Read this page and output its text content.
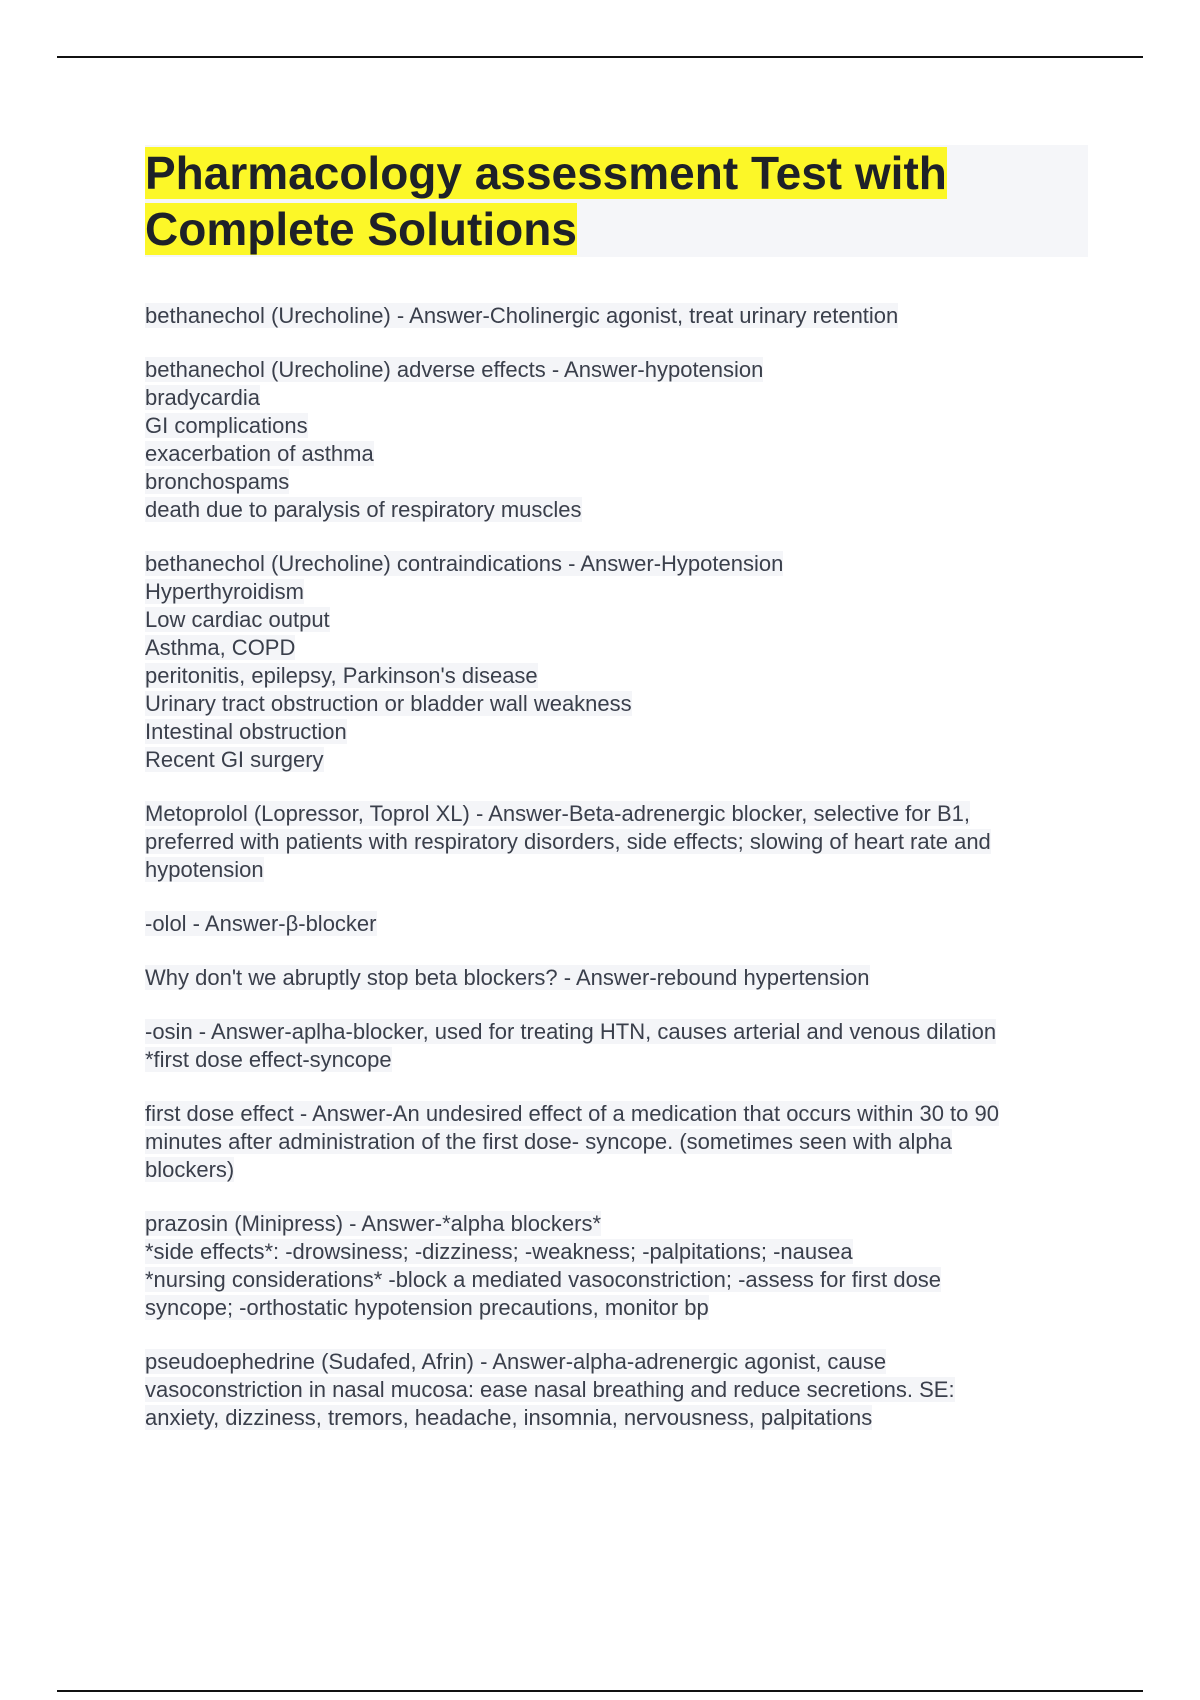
Pharmacology assessment Test with
Complete Solutions
bethanechol (Urecholine) - Answer-Cholinergic agonist, treat urinary retention
bethanechol (Urecholine) adverse effects - Answer-hypotension
bradycardia
GI complications
exacerbation of asthma
bronchospams
death due to paralysis of respiratory muscles
bethanechol (Urecholine) contraindications - Answer-Hypotension
Hyperthyroidism
Low cardiac output
Asthma, COPD
peritonitis, epilepsy, Parkinson's disease
Urinary tract obstruction or bladder wall weakness
Intestinal obstruction
Recent GI surgery
Metoprolol (Lopressor, Toprol XL) - Answer-Beta-adrenergic blocker, selective for B1,
preferred with patients with respiratory disorders, side effects; slowing of heart rate and
hypotension
-olol - Answer-β-blocker
Why don't we abruptly stop beta blockers? - Answer-rebound hypertension
-osin - Answer-aplha-blocker, used for treating HTN, causes arterial and venous dilation
*first dose effect-syncope
first dose effect - Answer-An undesired effect of a medication that occurs within 30 to 90
minutes after administration of the first dose- syncope. (sometimes seen with alpha
blockers)
prazosin (Minipress) - Answer-*alpha blockers*
*side effects*: -drowsiness; -dizziness; -weakness; -palpitations; -nausea
*nursing considerations* -block a mediated vasoconstriction; -assess for first dose
syncope; -orthostatic hypotension precautions, monitor bp
pseudoephedrine (Sudafed, Afrin) - Answer-alpha-adrenergic agonist, cause
vasoconstriction in nasal mucosa: ease nasal breathing and reduce secretions. SE:
anxiety, dizziness, tremors, headache, insomnia, nervousness, palpitations
